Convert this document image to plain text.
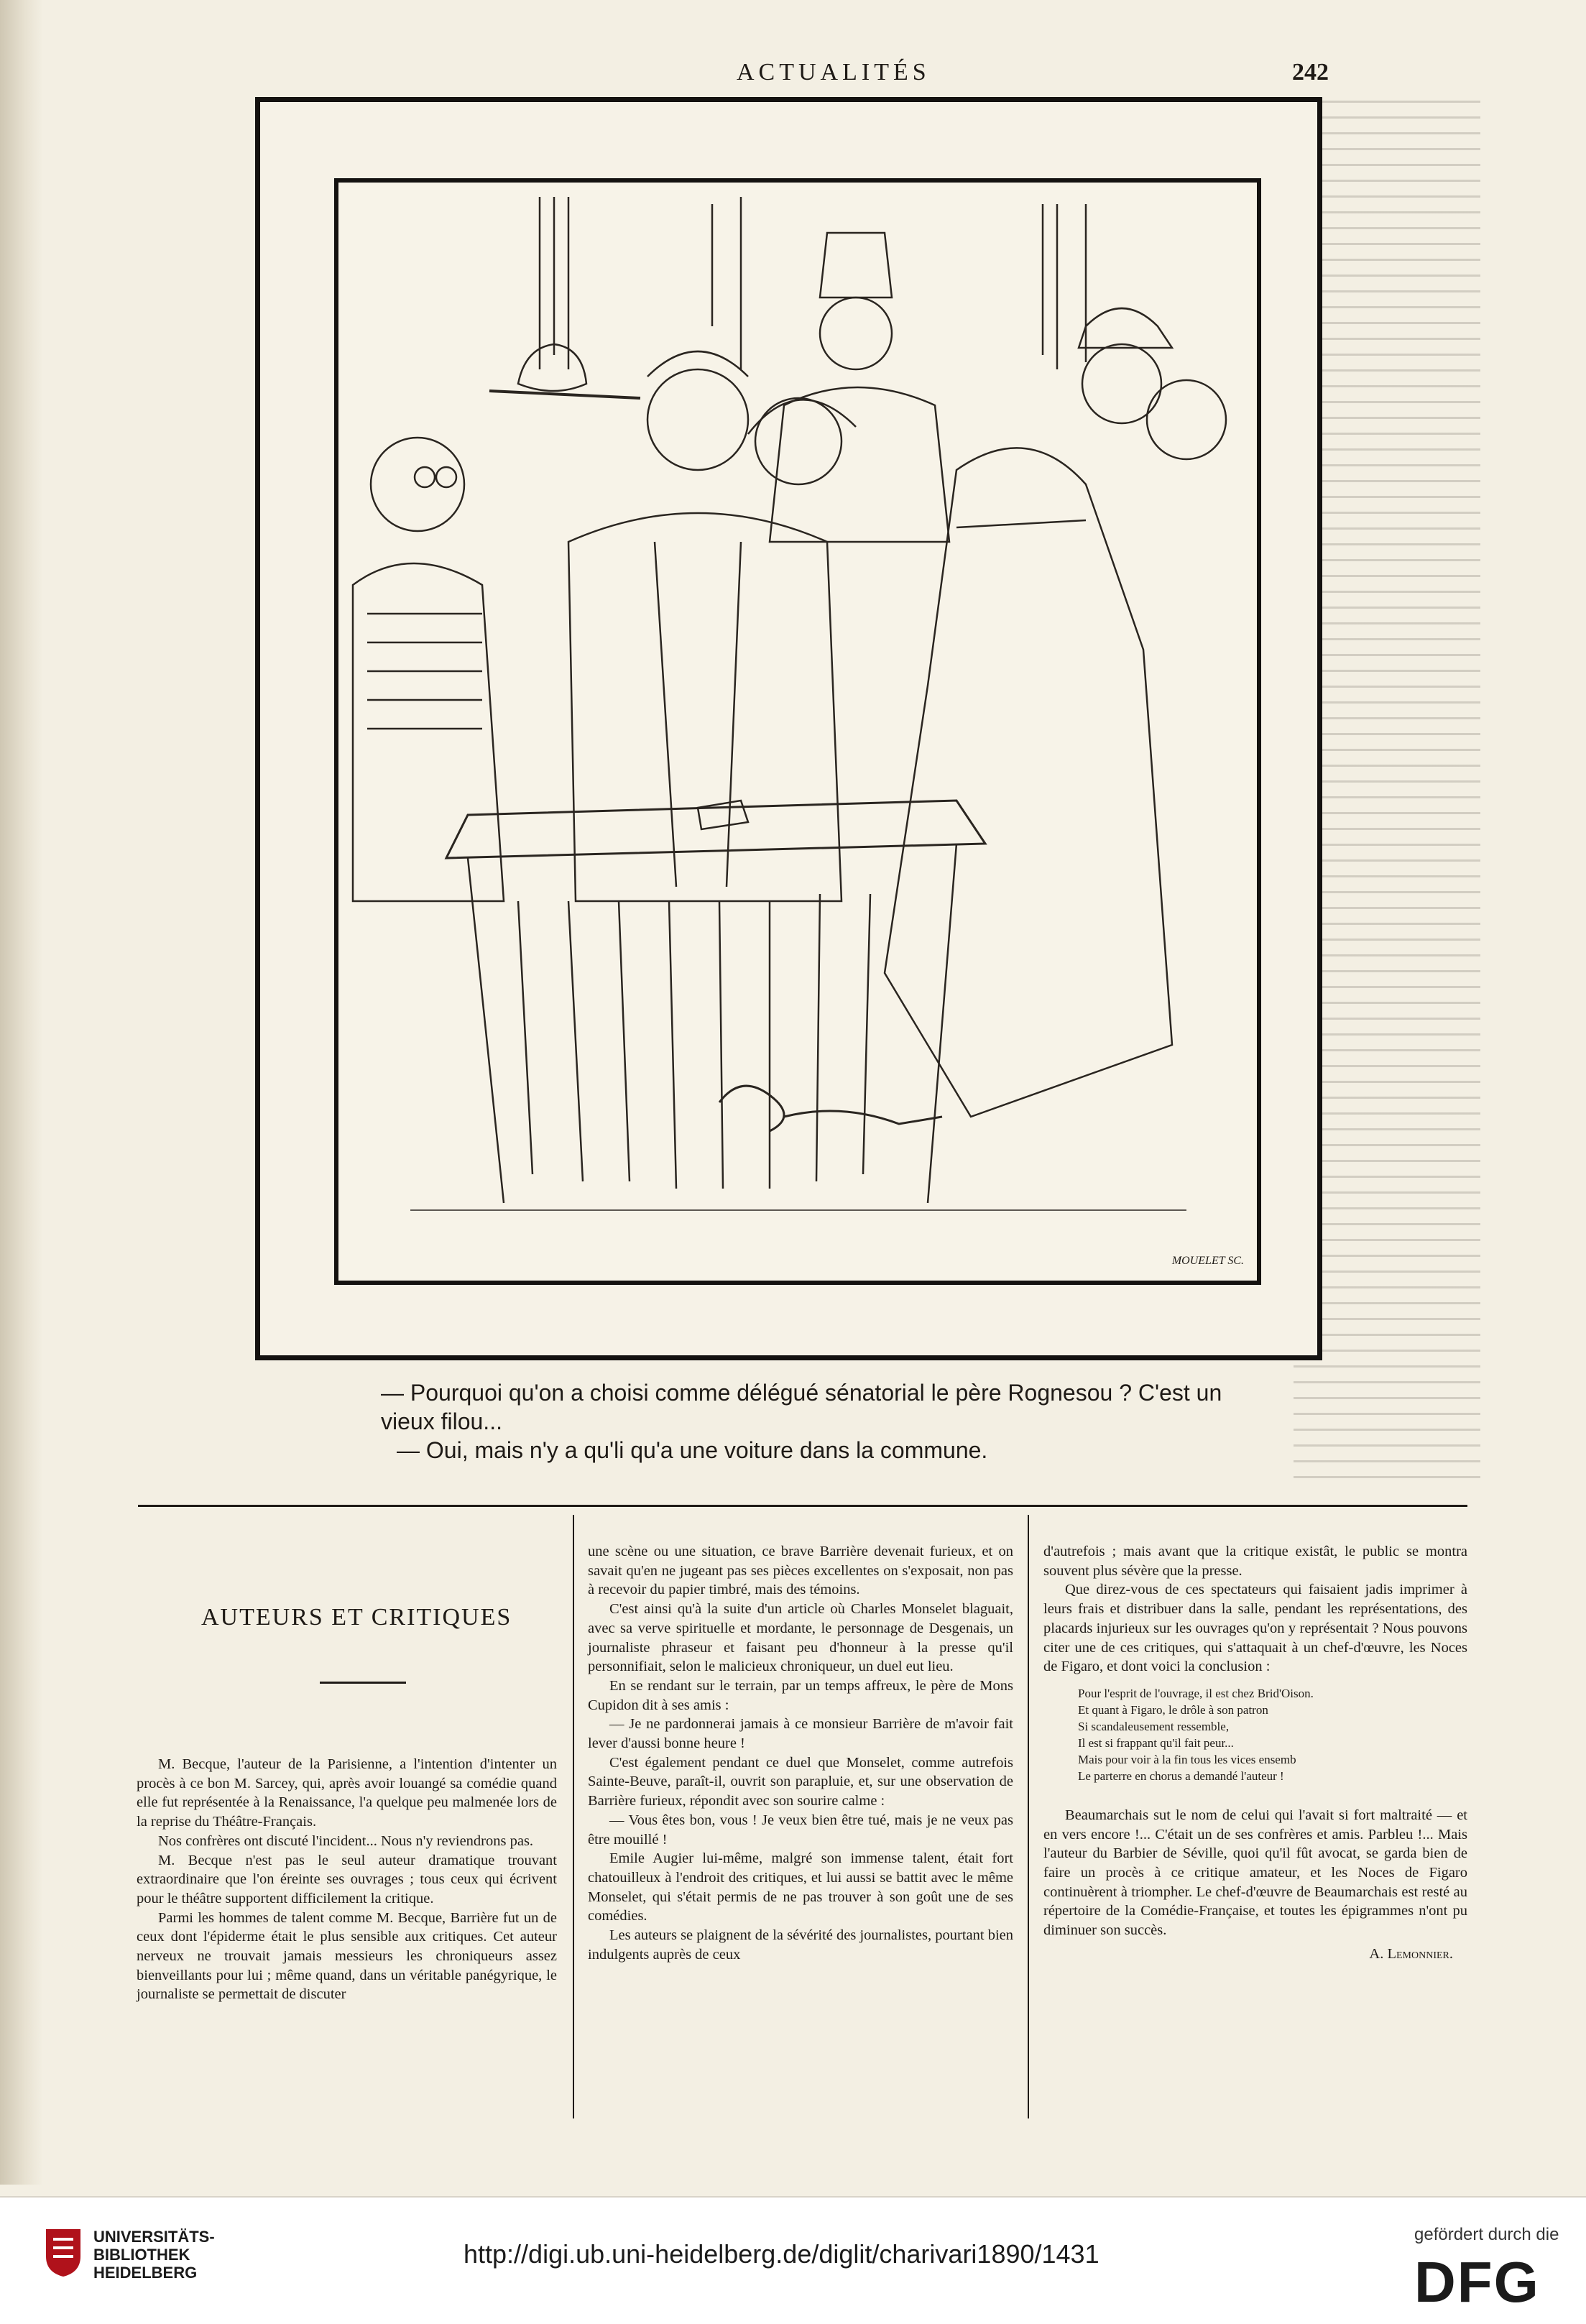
ACTUALITÉS	242
MOUELET SC.

— Pourquoi qu'on a choisi comme délégué sénatorial le père Rognesou ? C'est un

vieux filou...

— Oui, mais n'y a qu'li qu'a une voiture dans la commune.

AUTEURS ET CRITIQUES

M. Becque, l'auteur de la Parisienne, a l'intention d'intenter un procès à ce bon M. Sarcey, qui, après avoir louangé sa comédie quand elle fut représentée à la Renaissance, l'a quelque peu malmenée lors de la reprise du Théâtre-Français.

Nos confrères ont discuté l'incident... Nous n'y reviendrons pas.

M. Becque n'est pas le seul auteur dramatique trouvant extraordinaire que l'on éreinte ses ouvrages ; tous ceux qui écrivent pour le théâtre supportent difficilement la critique.

Parmi les hommes de talent comme M. Becque, Barrière fut un de ceux dont l'épiderme était le plus sensible aux critiques. Cet auteur nerveux ne trouvait jamais messieurs les chroniqueurs assez bienveillants pour lui ; même quand, dans un véritable panégyrique, le journaliste se permettait de discuter

une scène ou une situation, ce brave Barrière devenait furieux, et on savait qu'en ne jugeant pas ses pièces excellentes on s'exposait, non pas à recevoir du papier timbré, mais des témoins.

C'est ainsi qu'à la suite d'un article où Charles Monselet blaguait, avec sa verve spirituelle et mordante, le personnage de Desgenais, un journaliste phraseur et faisant peu d'honneur à la presse qu'il personnifiait, selon le malicieux chroniqueur, un duel eut lieu.

En se rendant sur le terrain, par un temps affreux, le père de Mons Cupidon dit à ses amis :

— Je ne pardonnerai jamais à ce monsieur Barrière de m'avoir fait lever d'aussi bonne heure !

C'est également pendant ce duel que Monselet, comme autrefois Sainte-Beuve, paraît-il, ouvrit son parapluie, et, sur une observation de Barrière furieux, répondit avec son sourire calme :

— Vous êtes bon, vous ! Je veux bien être tué, mais je ne veux pas être mouillé !

Emile Augier lui-même, malgré son immense talent, était fort chatouilleux à l'endroit des critiques, et lui aussi se battit avec le même Monselet, qui s'était permis de ne pas trouver à son goût une de ses comédies.

Les auteurs se plaignent de la sévérité des journalistes, pourtant bien indulgents auprès de ceux

d'autrefois ; mais avant que la critique existât, le public se montra souvent plus sévère que la presse.

Que direz-vous de ces spectateurs qui faisaient jadis imprimer à leurs frais et distribuer dans la salle, pendant les représentations, des placards injurieux sur les ouvrages qu'on y représentait ? Nous pouvons citer une de ces critiques, qui s'attaquait à un chef-d'œuvre, les Noces de Figaro, et dont voici la conclusion :

Pour l'esprit de l'ouvrage, il est chez Brid'Oison.
Et quant à Figaro, le drôle à son patron
Si scandaleusement ressemble,
Il est si frappant qu'il fait peur...
Mais pour voir à la fin tous les vices ensemb
Le parterre en chorus a demandé l'auteur !

Beaumarchais sut le nom de celui qui l'avait si fort maltraité — et en vers encore !... C'était un de ses confrères et amis. Parbleu !... Mais l'auteur du Barbier de Séville, quoi qu'il fût avocat, se garda bien de faire un procès à ce critique amateur, et les Noces de Figaro continuèrent à triompher. Le chef-d'œuvre de Beaumarchais est resté au répertoire de la Comédie-Française, et toutes les épigrammes n'ont pu diminuer son succès.

A. Lemonnier.
UNIVERSITÄTS-
BIBLIOTHEK
HEIDELBERG
http://digi.ub.uni-heidelberg.de/diglit/charivari1890/1431
gefördert durch die
DFG
